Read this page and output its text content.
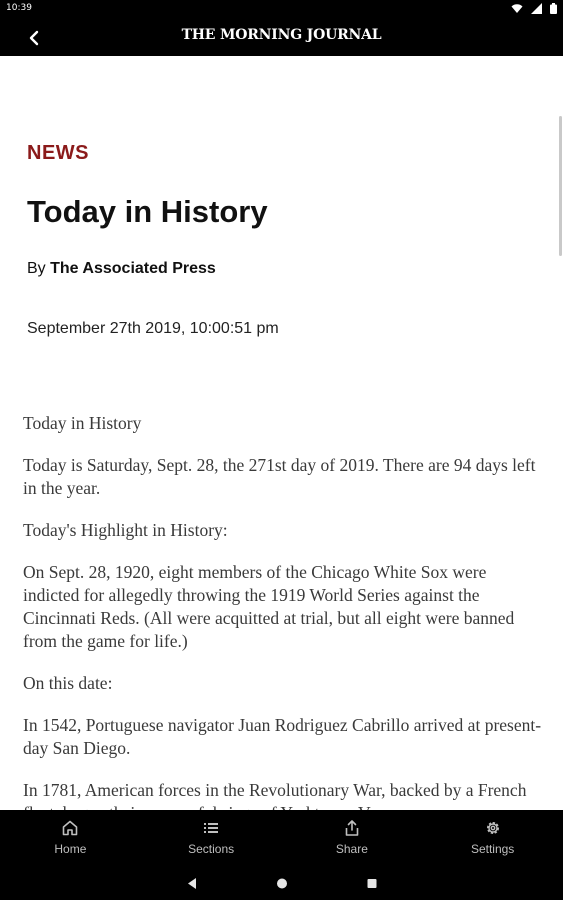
10:39

THE MORNING JOURNAL
NEWS
Today in History
By The Associated Press
September 27th 2019, 10:00:51 pm

Today in History

Today is Saturday, Sept. 28, the 271st day of 2019. There are 94 days left in the year.

Today's Highlight in History:

On Sept. 28, 1920, eight members of the Chicago White Sox were indicted for allegedly throwing the 1919 World Series against the Cincinnati Reds. (All were acquitted at trial, but all eight were banned from the game for life.)

On this date:

In 1542, Portuguese navigator Juan Rodriguez Cabrillo arrived at present-day San Diego.

In 1781, American forces in the Revolutionary War, backed by a French

Home	Sections	Share	Settings
